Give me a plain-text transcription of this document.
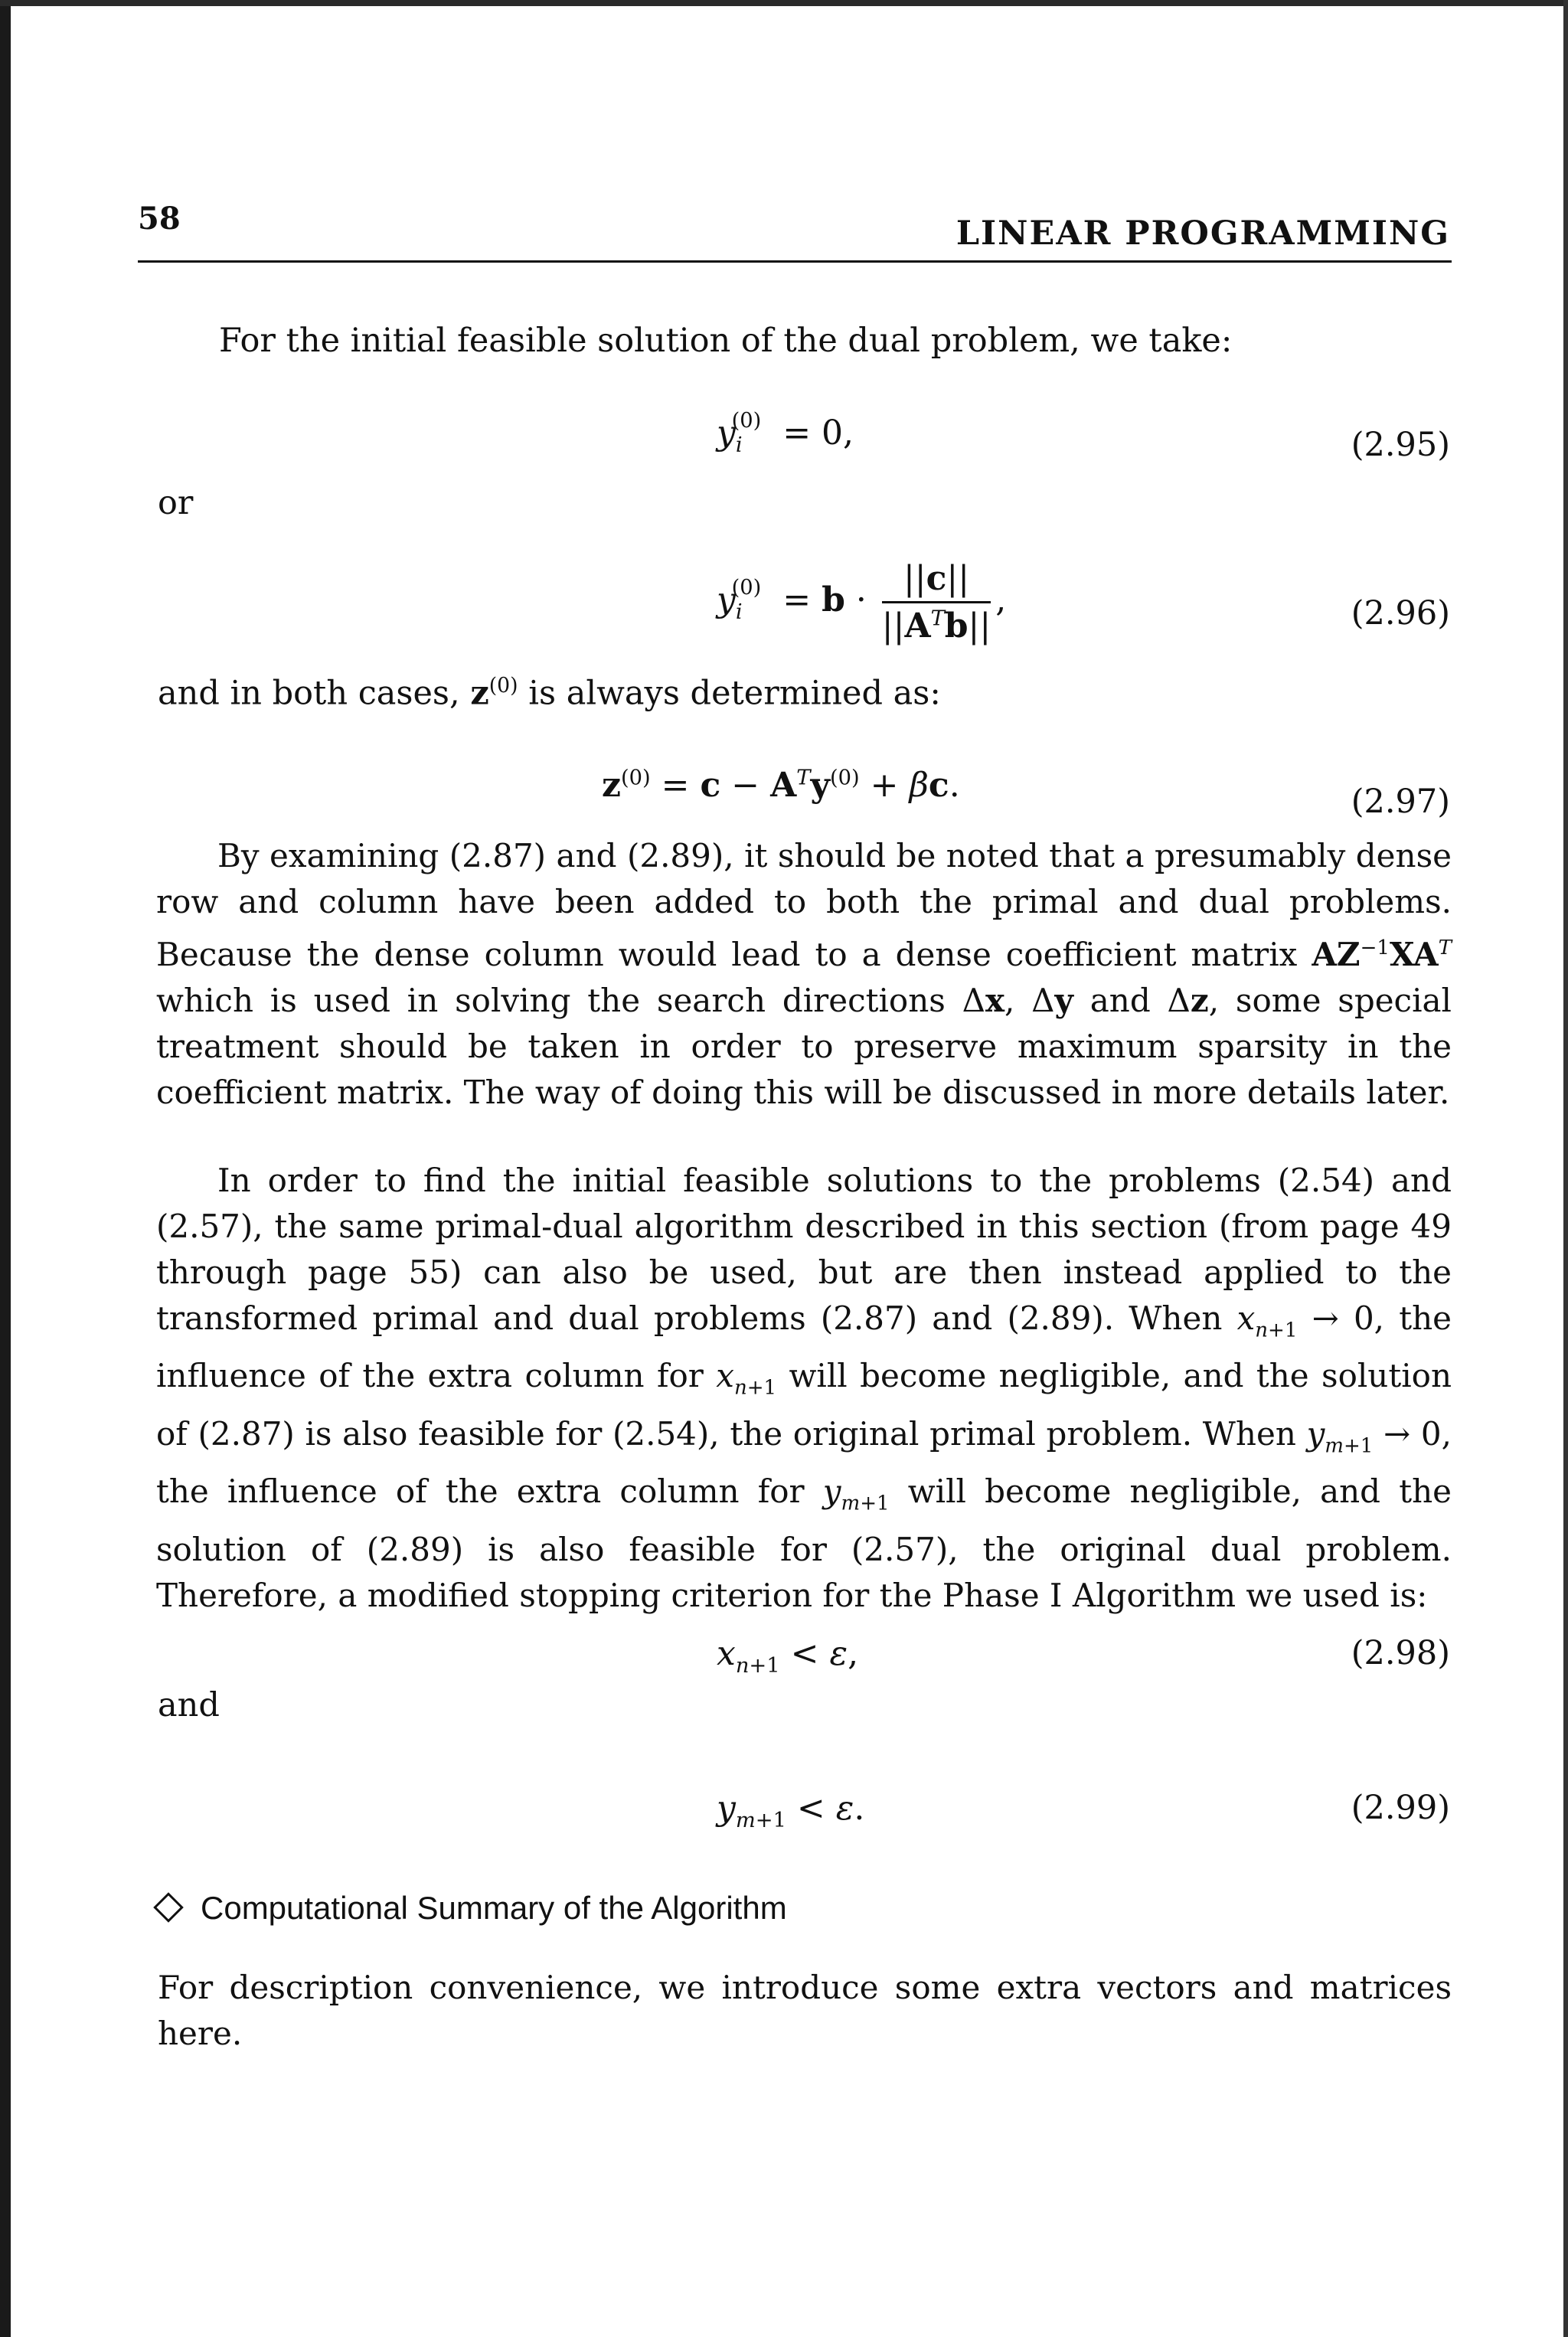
58	LINEAR PROGRAMMING
For the initial feasible solution of the dual problem, we take:
$y_i^{(0)} = 0$,	(2.95)
or
$y_i^{(0)} = b \cdot \frac{||c||}{||A^Tb||}$ ,	(2.96)
and in both cases, $z^{(0)}$ is always determined as:
$z^{(0)} = c - A^Ty^{(0)} + \beta c$.	(2.97)
By examining (2.87) and (2.89), it should be noted that a presumably dense row and column have been added to both the primal and dual problems. Because the dense column would lead to a dense coefficient matrix $AZ^{-1}XA^T$ which is used in solving the search directions Δx, Δy and Δz, some special treatment should be taken in order to preserve maximum sparsity in the coefficient matrix. The way of doing this will be discussed in more details later.
In order to find the initial feasible solutions to the problems (2.54) and (2.57), the same primal-dual algorithm described in this section (from page 49 through page 55) can also be used, but are then instead applied to the transformed primal and dual problems (2.87) and (2.89). When $x_{n+1} \to 0$, the influence of the extra column for $x_{n+1}$ will become negligible, and the solution of (2.87) is also feasible for (2.54), the original primal problem. When $y_{m+1} \to 0$, the influence of the extra column for $y_{m+1}$ will become negligible, and the solution of (2.89) is also feasible for (2.57), the original dual problem. Therefore, a modified stopping criterion for the Phase I Algorithm we used is:
$x_{n+1} < \varepsilon$,	(2.98)
and
$y_{m+1} < \varepsilon$.	(2.99)
Computational Summary of the Algorithm
For description convenience, we introduce some extra vectors and matrices here.
